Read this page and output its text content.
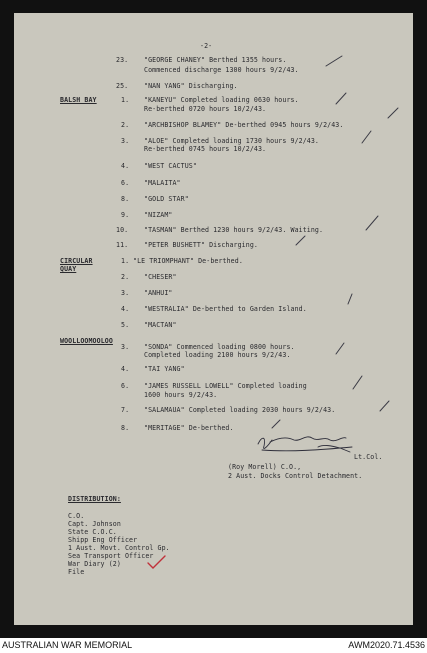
-2-
23. "GEORGE CHANEY" Berthed 1355 hours.
Commenced discharge 1300 hours 9/2/43.
25. "NAN YANG" Discharging.
BALSH BAY	1. "KANEYU" Completed loading 0630 hours.
Re-berthed 0720 hours 10/2/43.
2. "ARCHBISHOP BLAMEY" De-berthed 0945 hours 9/2/43.
3. "ALOE" Completed loading 1730 hours 9/2/43.
Re-berthed 0745 hours 10/2/43.
4. "WEST CACTUS"
6. "MALAITA"
8. "GOLD STAR"
9. "NIZAM"
10. "TASMAN" Berthed 1230 hours 9/2/43. Waiting.
11. "PETER BUSHETT" Discharging.
CIRCULAR
QUAY
1. "LE TRIOMPHANT" De-berthed.
2. "CHESER"
3. "ANHUI"
4. "WESTRALIA" De-berthed to Garden Island.
5. "MACTAN"
WOOLLOOMOOLOO
3. "SONDA" Commenced loading 0800 hours.
Completed loading 2100 hours 9/2/43.
4. "TAI YANG"
6. "JAMES RUSSELL LOWELL" Completed loading
1600 hours 9/2/43.
7. "SALAMAUA" Completed loading 2030 hours 9/2/43.
8. "MERITAGE" De-berthed.
Lt.Col.
(Roy Morell) C.O.,
2 Aust. Docks Control Detachment.
DISTRIBUTION:
C.O.
Capt. Johnson
State C.O.C.
Shipp Eng Officer
1 Aust. Movt. Control Gp.
Sea Transport Officer
War Diary (2)
File
AUSTRALIAN WAR MEMORIAL	AWM2020.71.4536
